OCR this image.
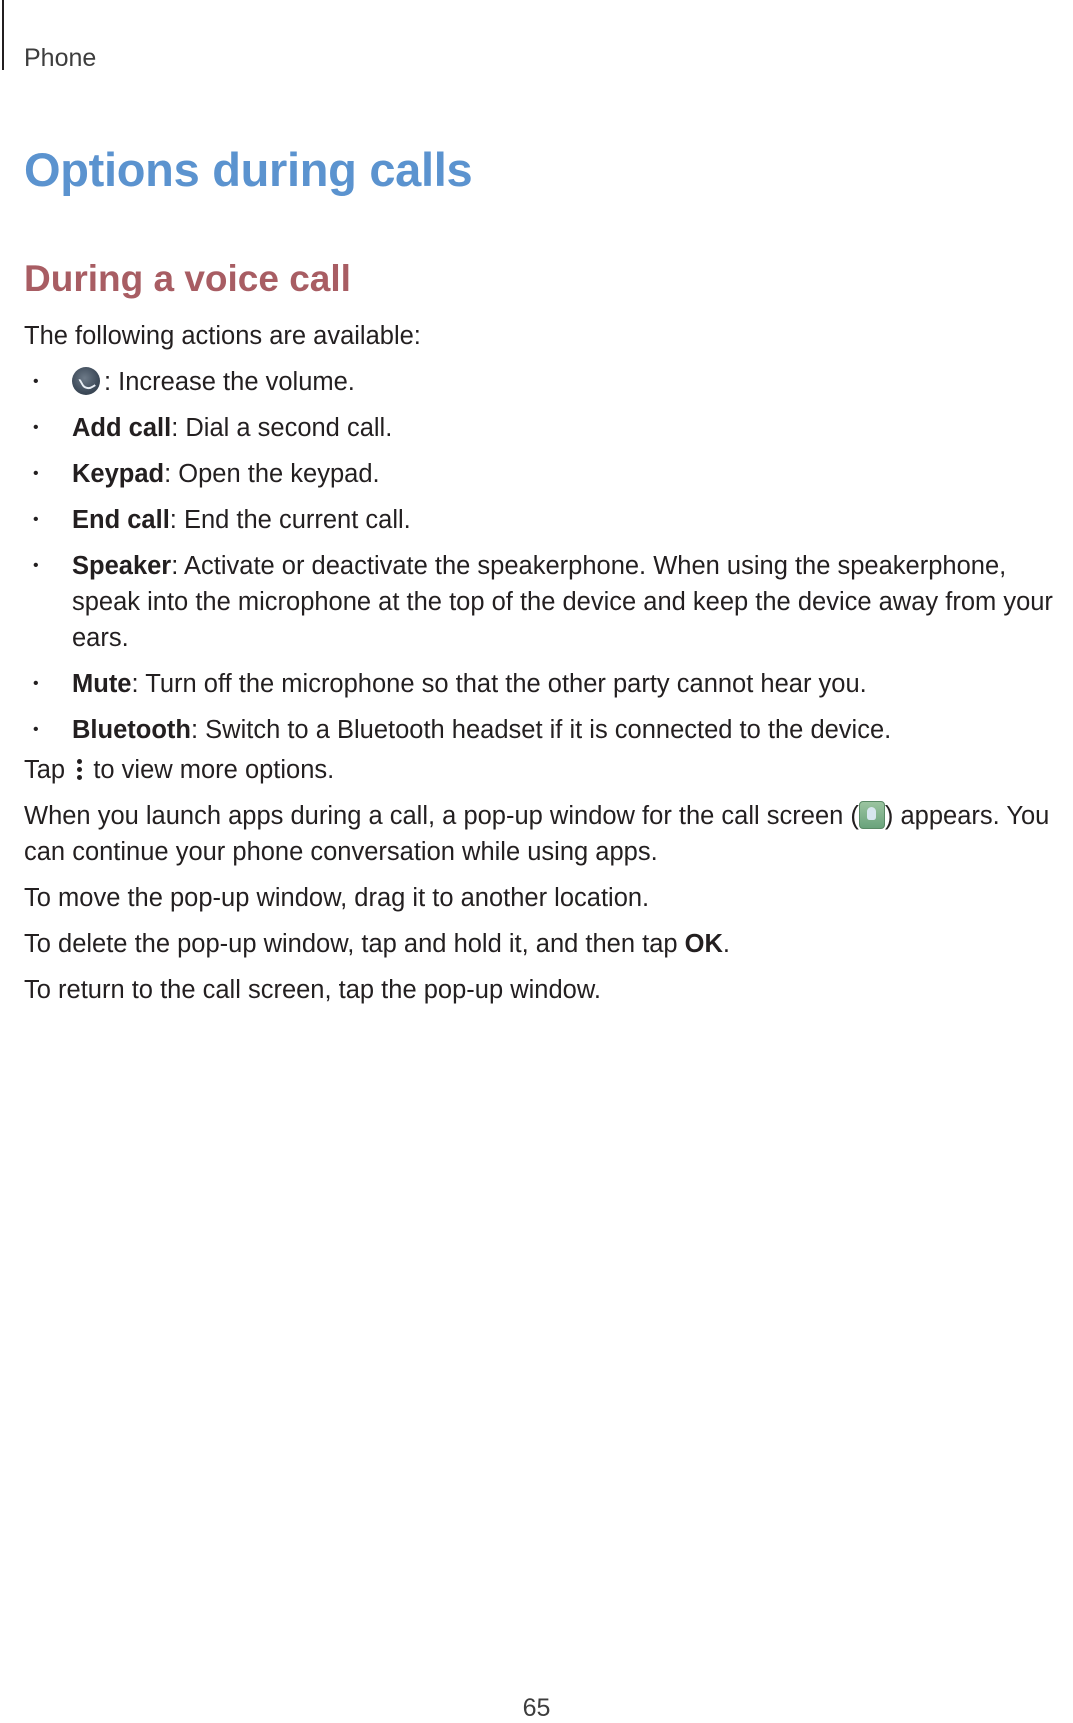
Phone
Options during calls
During a voice call

The following actions are available:

•	: Increase the volume.
•	Add call: Dial a second call.
•	Keypad: Open the keypad.
•	End call: End the current call.
•	Speaker: Activate or deactivate the speakerphone. When using the speakerphone, speak into the microphone at the top of the device and keep the device away from your ears.
•	Mute: Turn off the microphone so that the other party cannot hear you.
•	Bluetooth: Switch to a Bluetooth headset if it is connected to the device.

Tap to view more options.

When you launch apps during a call, a pop-up window for the call screen ( ) appears. You can continue your phone conversation while using apps.

To move the pop-up window, drag it to another location.

To delete the pop-up window, tap and hold it, and then tap OK.

To return to the call screen, tap the pop-up window.

65
